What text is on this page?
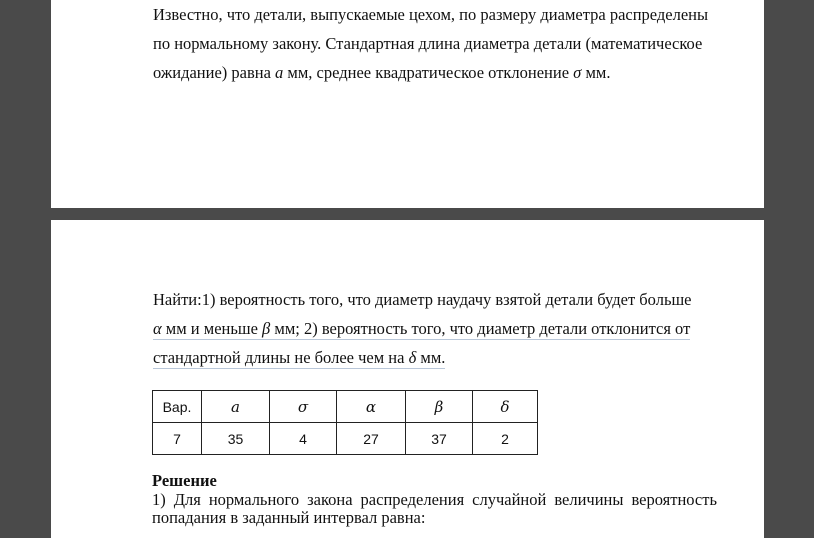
Известно, что детали, выпускаемые цехом, по размеру диаметра распределены
по нормальному закону. Стандартная длина диаметра детали (математическое
ожидание) равна a мм, среднее квадратическое отклонение σ мм.

Найти:1) вероятность того, что диаметр наудачу взятой детали будет больше
α мм и меньше β мм; 2) вероятность того, что диаметр детали отклонится от
стандартной длины не более чем на δ мм.

Вар.	a	σ	α	β	δ
7	35	4	27	37	2
Решение
1) Для нормального закона распределения случайной величины вероятность
попадания в заданный интервал равна:
